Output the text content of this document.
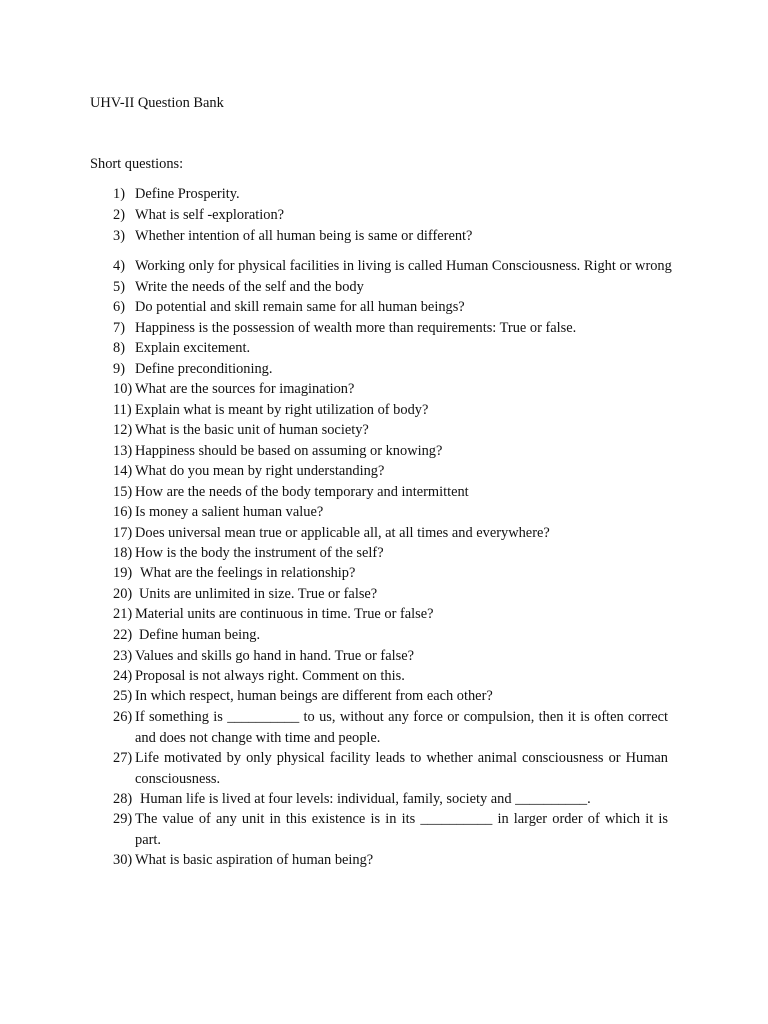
UHV-II Question Bank
Short questions:
1) Define Prosperity.
2) What is self -exploration?
3) Whether intention of all human being is same or different?
4) Working only for physical facilities in living is called Human Consciousness. Right or wrong
5) Write the needs of the self and the body
6) Do potential and skill remain same for all human beings?
7) Happiness is the possession of wealth more than requirements: True or false.
8) Explain excitement.
9) Define preconditioning.
10) What are the sources for imagination?
11) Explain what is meant by right utilization of body?
12) What is the basic unit of human society?
13) Happiness should be based on assuming or knowing?
14) What do you mean by right understanding?
15) How are the needs of the body temporary and intermittent
16) Is money a salient human value?
17) Does universal mean true or applicable all, at all times and everywhere?
18) How is the body the instrument of the self?
19) What are the feelings in relationship?
20) Units are unlimited in size. True or false?
21) Material units are continuous in time. True or false?
22) Define human being.
23) Values and skills go hand in hand. True or false?
24) Proposal is not always right. Comment on this.
25) In which respect, human beings are different from each other?
26) If something is __________ to us, without any force or compulsion, then it is often correct and does not change with time and people.
27) Life motivated by only physical facility leads to whether animal consciousness or Human consciousness.
28) Human life is lived at four levels: individual, family, society and __________.
29) The value of any unit in this existence is in its __________ in larger order of which it is part.
30) What is basic aspiration of human being?
